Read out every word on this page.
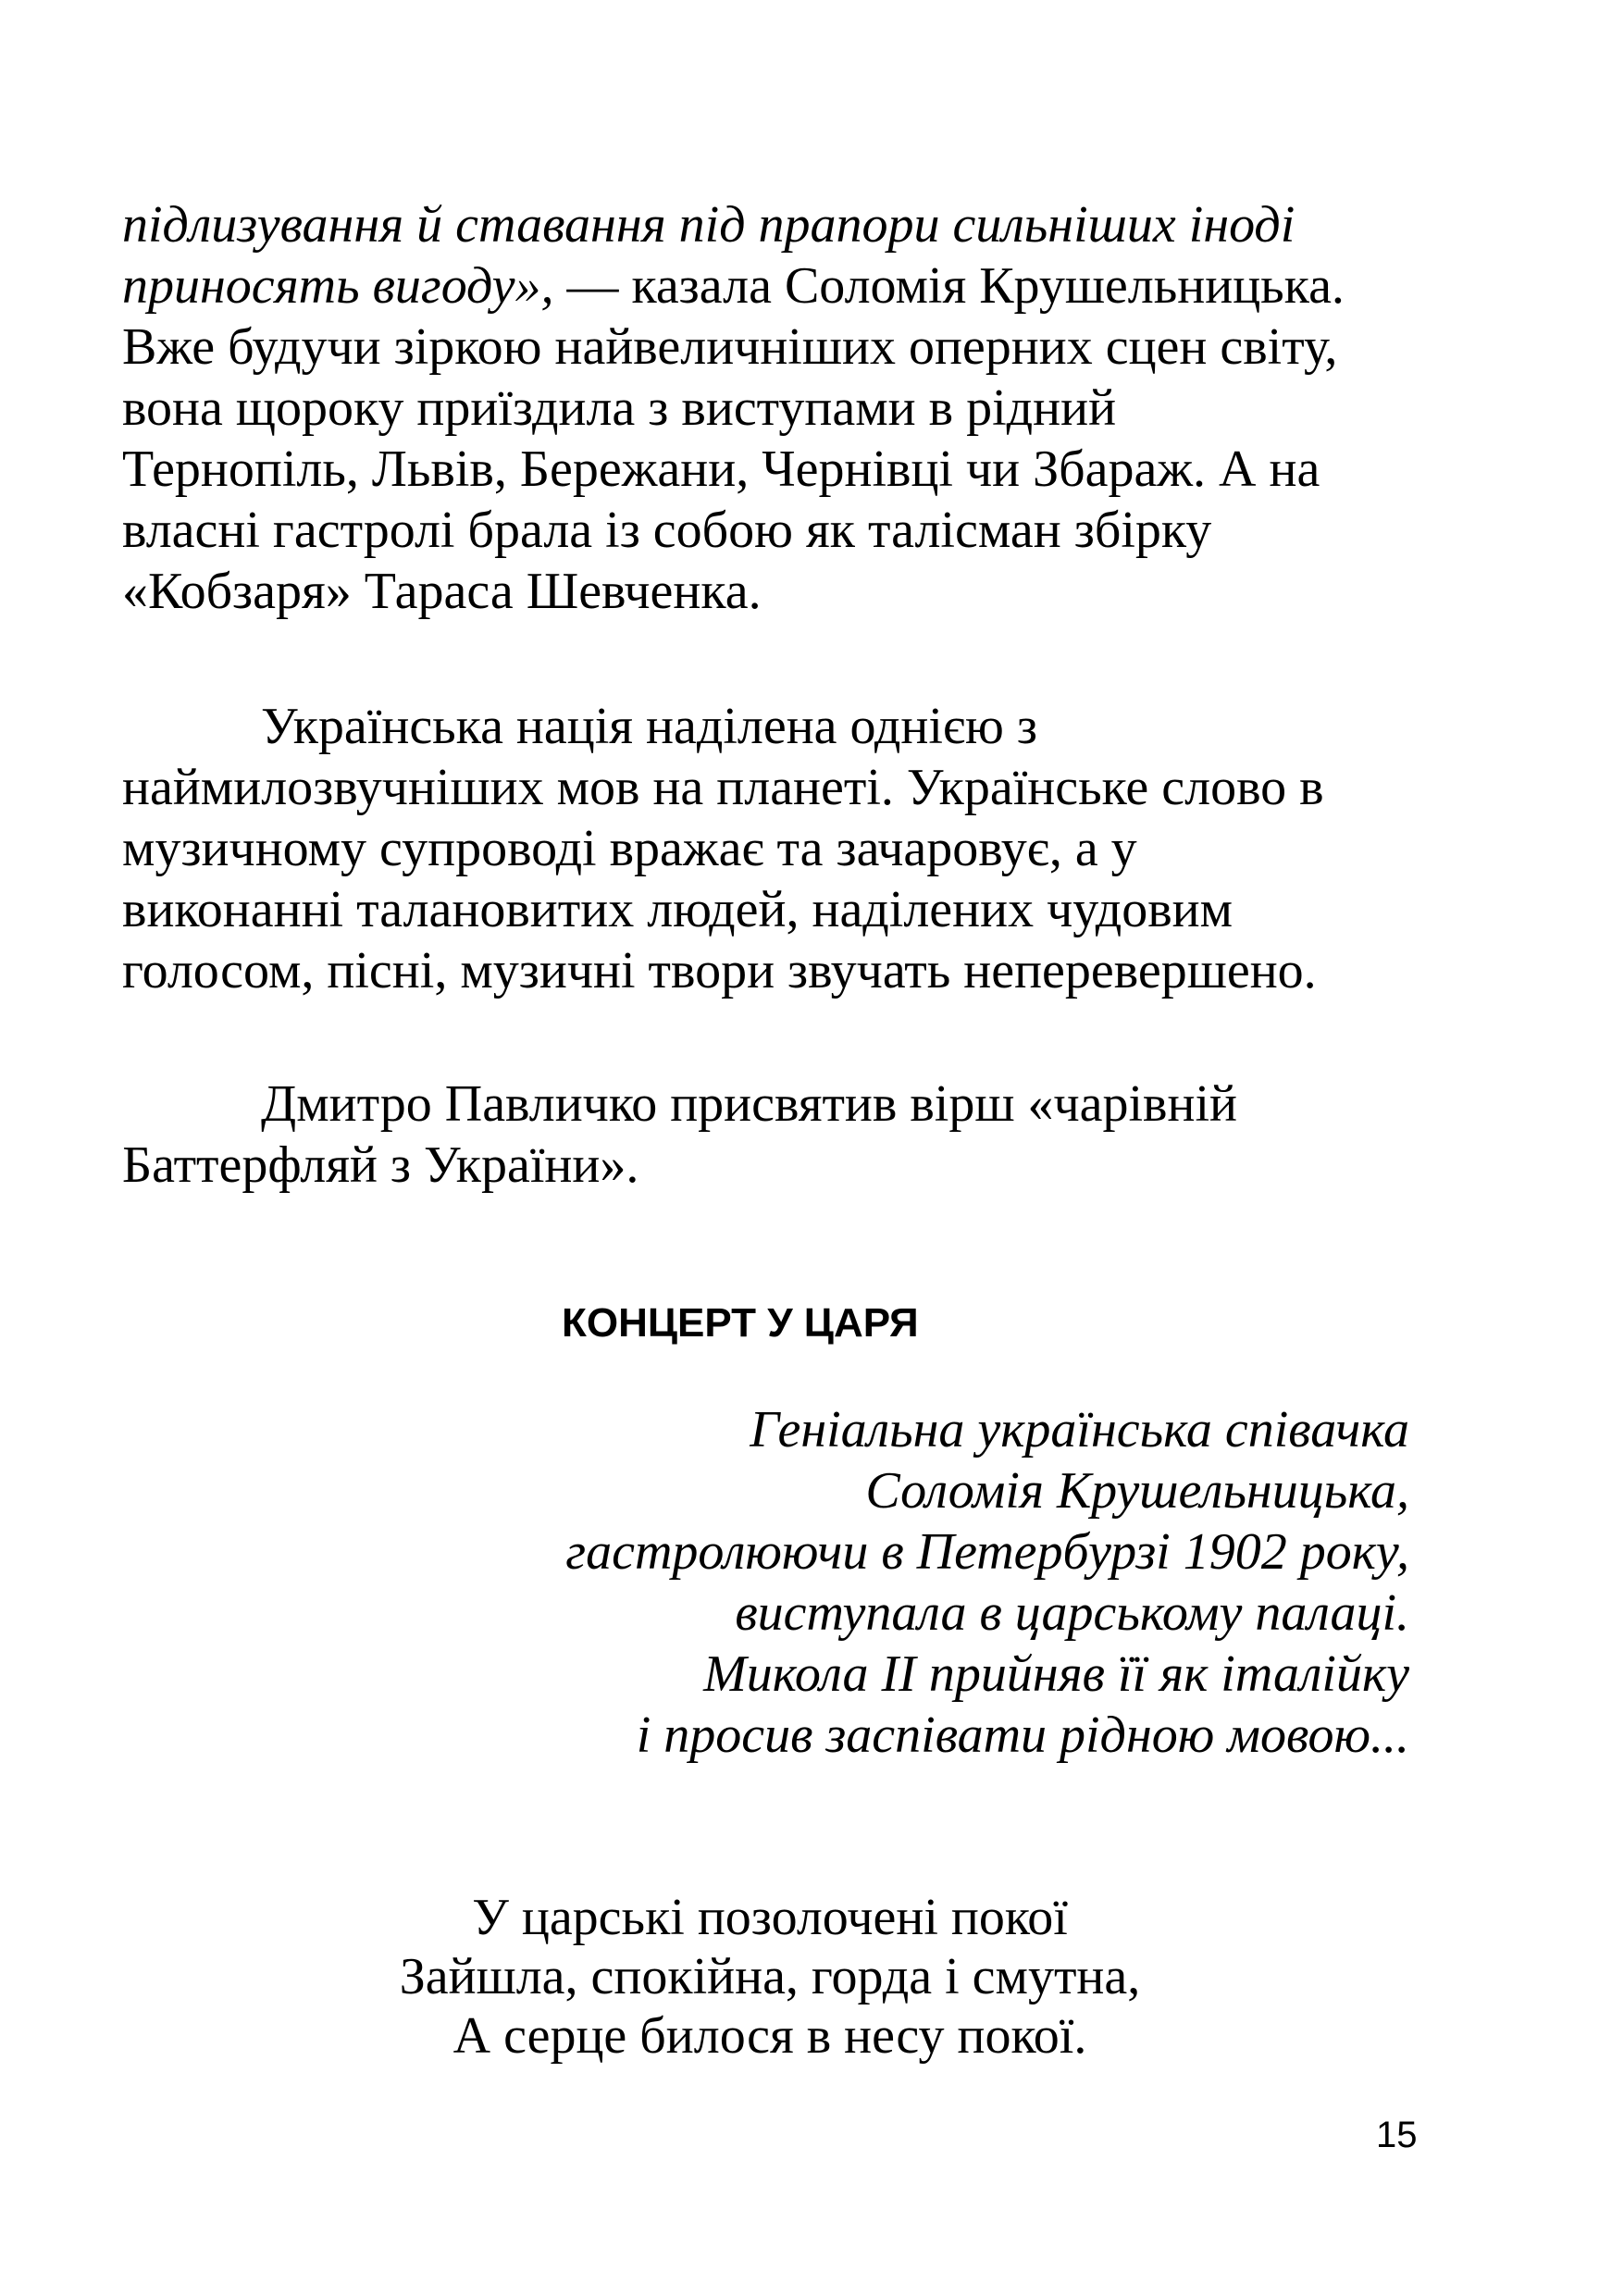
підлизування й ставання під прапори сильніших іноді
приносять вигоду», — казала Соломія Крушельницька.
Вже будучи зіркою найвеличніших оперних сцен світу,
вона щороку приїздила з виступами в рідний
Тернопіль, Львів, Бережани, Чернівці чи Збараж. А на
власні гастролі брала із собою як талісман збірку
«Кобзаря» Тараса Шевченка.
Українська нація наділена однією з
наймилозвучніших мов на планеті. Українське слово в
музичному супроводі вражає та зачаровує, а у
виконанні талановитих людей, наділених чудовим
голосом, пісні, музичні твори звучать неперевершено.
Дмитро Павличко присвятив вірш «чарівній
Баттерфляй з України».
КОНЦЕРТ У ЦАРЯ
Геніальна українська співачка
Соломія Крушельницька,
гастролюючи в Петербурзі 1902 року,
виступала в царському палаці.
Микола ІІ прийняв її як італійку
і просив заспівати рідною мовою...
У царські позолочені покої
Зайшла, спокійна, горда і смутна,
А серце билося в несу покої.
15
